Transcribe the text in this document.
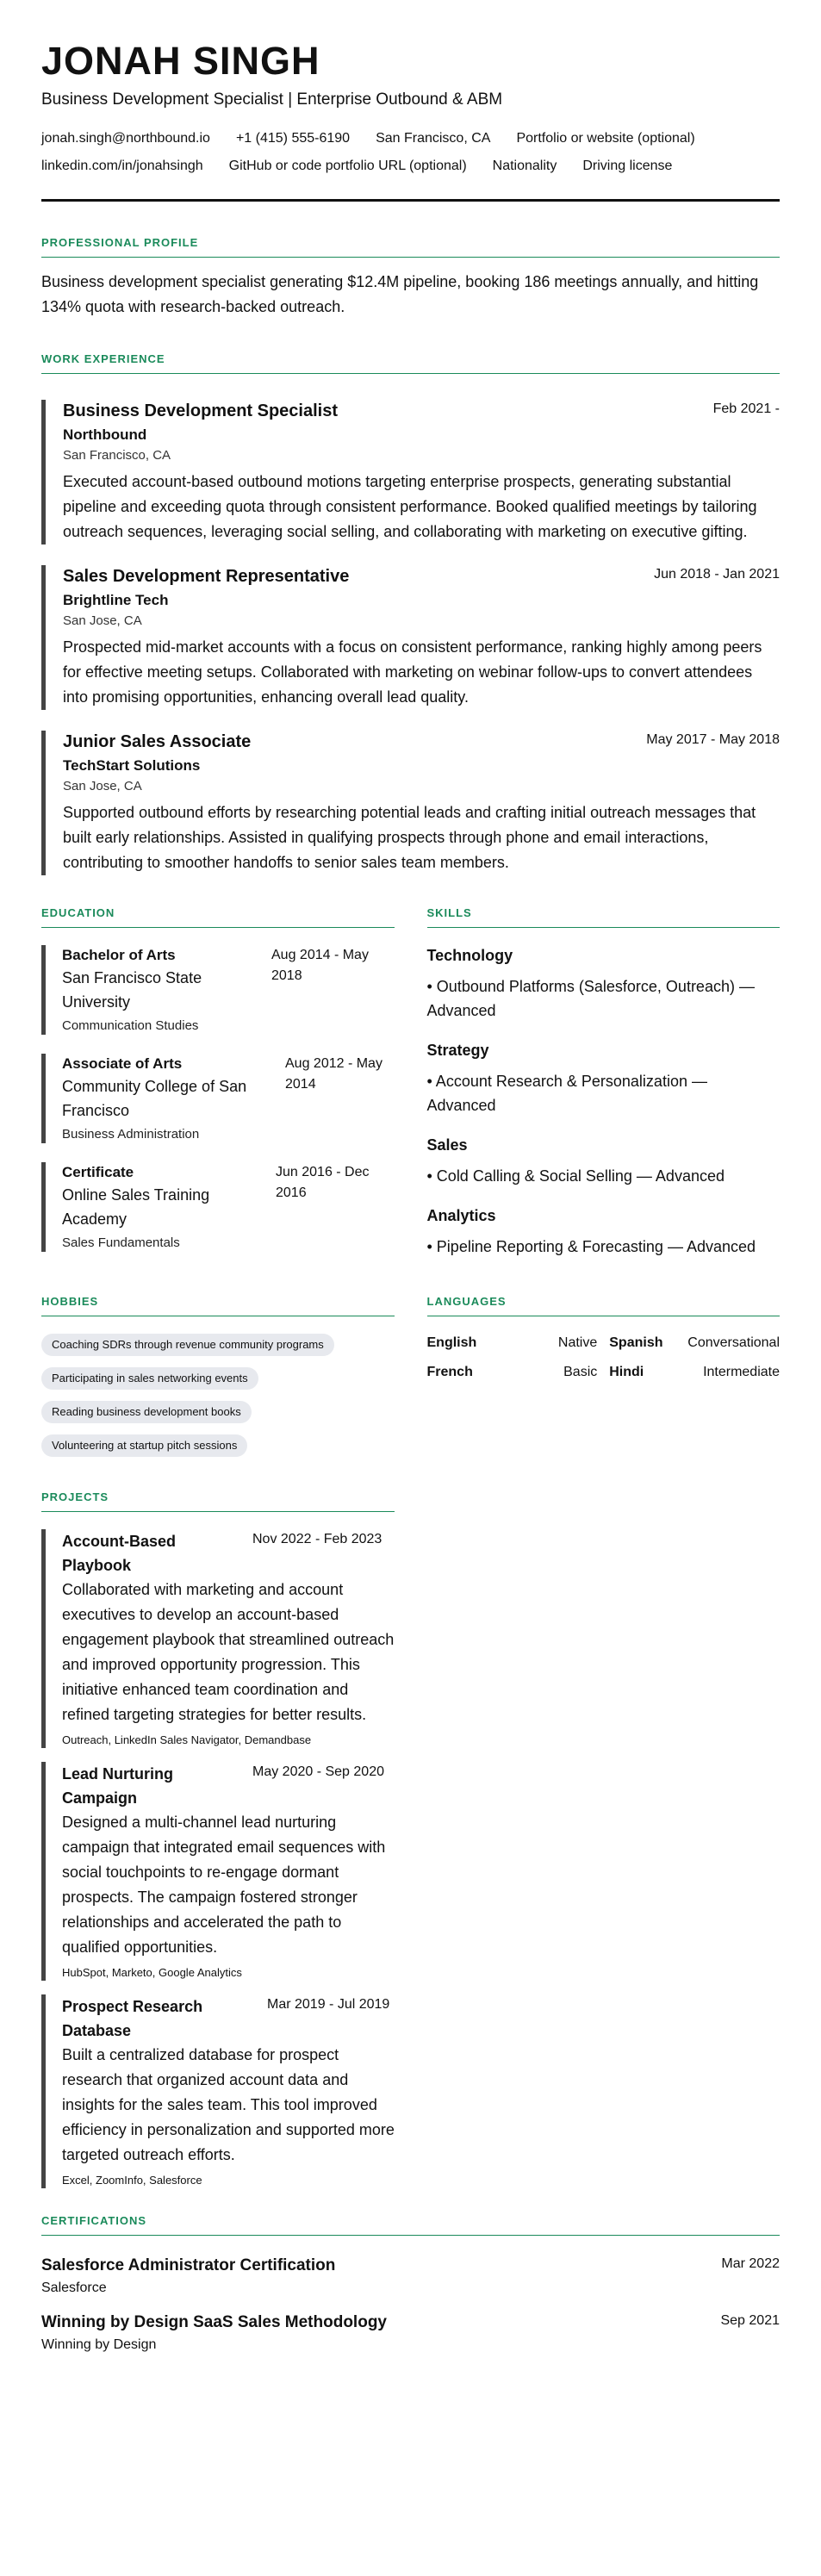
JONAH SINGH
Business Development Specialist | Enterprise Outbound & ABM
jonah.singh@northbound.io +1 (415) 555-6190 San Francisco, CA Portfolio or website (optional)
linkedin.com/in/jonahsingh GitHub or code portfolio URL (optional) Nationality Driving license
PROFESSIONAL PROFILE
Business development specialist generating $12.4M pipeline, booking 186 meetings annually, and hitting 134% quota with research-backed outreach.
WORK EXPERIENCE
Business Development Specialist	Feb 2021 -
Northbound
San Francisco, CA
Executed account-based outbound motions targeting enterprise prospects, generating substantial pipeline and exceeding quota through consistent performance. Booked qualified meetings by tailoring outreach sequences, leveraging social selling, and collaborating with marketing on executive gifting.
Sales Development Representative	Jun 2018 - Jan 2021
Brightline Tech
San Jose, CA
Prospected mid-market accounts with a focus on consistent performance, ranking highly among peers for effective meeting setups. Collaborated with marketing on webinar follow-ups to convert attendees into promising opportunities, enhancing overall lead quality.
Junior Sales Associate	May 2017 - May 2018
TechStart Solutions
San Jose, CA
Supported outbound efforts by researching potential leads and crafting initial outreach messages that built early relationships. Assisted in qualifying prospects through phone and email interactions, contributing to smoother handoffs to senior sales team members.
EDUCATION
Bachelor of Arts
San Francisco State University
Aug 2014 - May 2018
Communication Studies
Associate of Arts
Community College of San Francisco
Aug 2012 - May 2014
Business Administration
Certificate
Online Sales Training Academy
Jun 2016 - Dec 2016
Sales Fundamentals
SKILLS
Technology
• Outbound Platforms (Salesforce, Outreach) — Advanced
Strategy
• Account Research & Personalization — Advanced
Sales
• Cold Calling & Social Selling — Advanced
Analytics
• Pipeline Reporting & Forecasting — Advanced
HOBBIES
Coaching SDRs through revenue community programs
Participating in sales networking events
Reading business development books
Volunteering at startup pitch sessions
LANGUAGES
English	Native Spanish Conversational
French	Basic Hindi	Intermediate
PROJECTS
Account-Based Playbook
Nov 2022 - Feb 2023
Collaborated with marketing and account executives to develop an account-based engagement playbook that streamlined outreach and improved opportunity progression. This initiative enhanced team coordination and refined targeting strategies for better results.
Outreach, LinkedIn Sales Navigator, Demandbase
Lead Nurturing Campaign
May 2020 - Sep 2020
Designed a multi-channel lead nurturing campaign that integrated email sequences with social touchpoints to re-engage dormant prospects. The campaign fostered stronger relationships and accelerated the path to qualified opportunities.
HubSpot, Marketo, Google Analytics
Prospect Research Database
Mar 2019 - Jul 2019
Built a centralized database for prospect research that organized account data and insights for the sales team. This tool improved efficiency in personalization and supported more targeted outreach efforts.
Excel, ZoomInfo, Salesforce
CERTIFICATIONS
Salesforce Administrator Certification	Mar 2022
Salesforce
Winning by Design SaaS Sales Methodology	Sep 2021
Winning by Design
